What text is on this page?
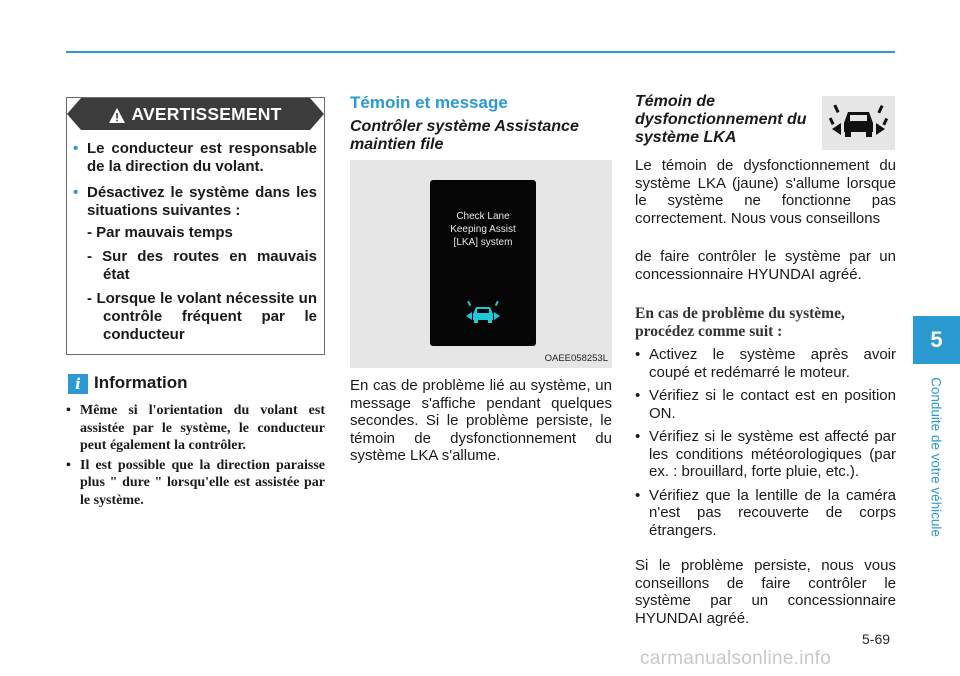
AVERTISSEMENT
• Le conducteur est responsable de la direction du volant.
• Désactivez le système dans les situations suivantes :
- Par mauvais temps
- Sur des routes en mauvais état
- Lorsque le volant nécessite un contrôle fréquent par le conducteur
i Information
• Même si l'orientation du volant est assistée par le système, le conducteur peut également la contrôler.
• Il est possible que la direction paraisse plus " dure " lorsqu'elle est assistée par le système.
Témoin et message
Contrôler système Assistance maintien file
Check Lane
Keeping Assist
[LKA] system
OAEE058253L
En cas de problème lié au système, un message s'affiche pendant quelques secondes. Si le problème persiste, le témoin de dysfonctionnement du système LKA s'allume.
Témoin de dysfonctionnement du système LKA
Le témoin de dysfonctionnement du système LKA (jaune) s'allume lorsque le système ne fonctionne pas correctement. Nous vous conseillons
de faire contrôler le système par un concessionnaire HYUNDAI agréé.
En cas de problème du système, procédez comme suit :
• Activez le système après avoir coupé et redémarré le moteur.
• Vérifiez si le contact est en position ON.
• Vérifiez si le système est affecté par les conditions météorologiques (par ex. : brouillard, forte pluie, etc.).
• Vérifiez que la lentille de la caméra n'est pas recouverte de corps étrangers.
Si le problème persiste, nous vous conseillons de faire contrôler le système par un concessionnaire HYUNDAI agréé.
5
Conduite de votre véhicule
5-69
carmanualsonline.info
